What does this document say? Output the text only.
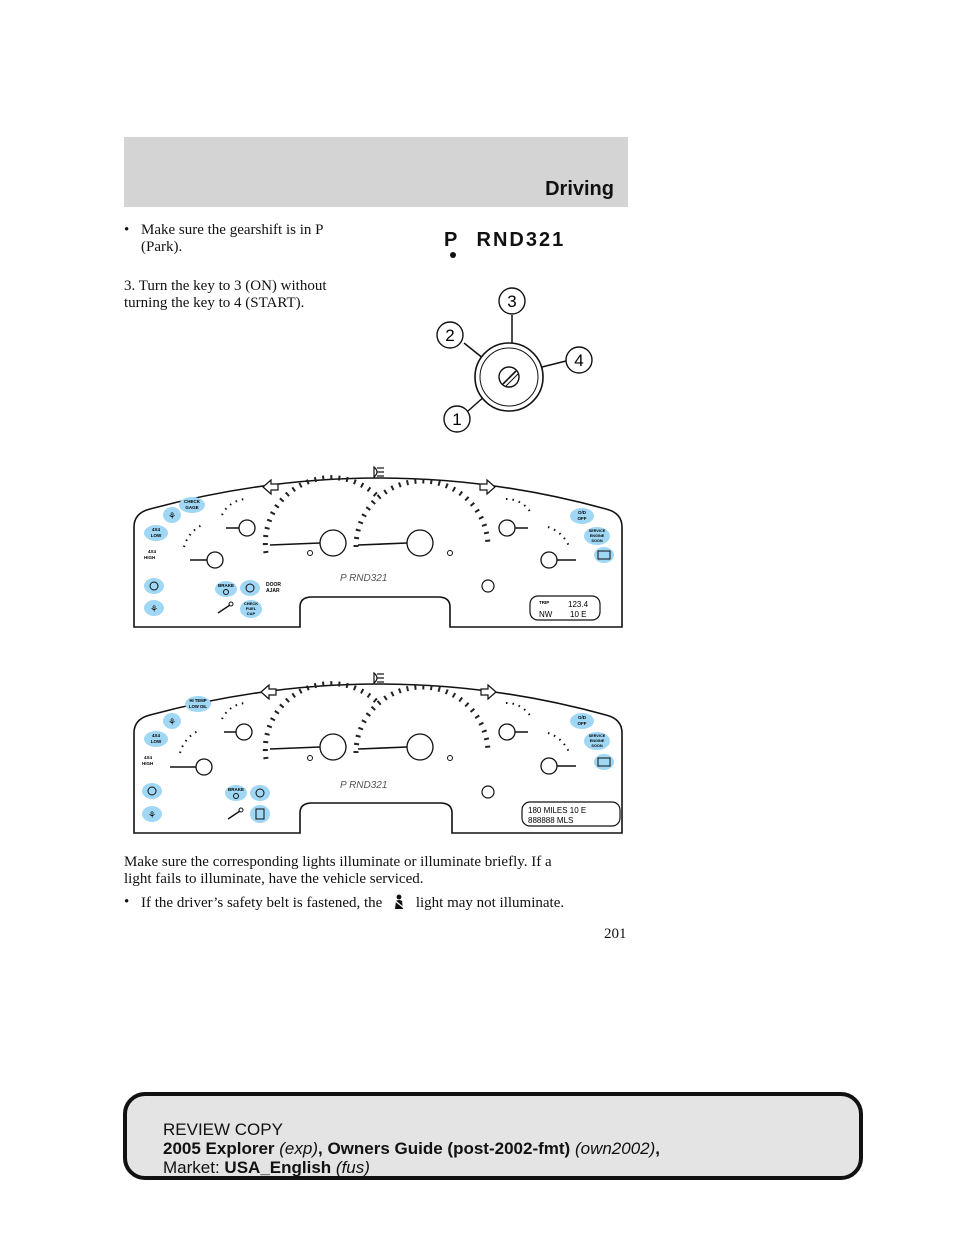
Driving
• Make sure the gearshift is in P
(Park).	P RND321
3. Turn the key to 3 (ON) without
turning the key to 4 (START).	3
2
4
1
CHECK
GAGE
⚘
4X4
LOW
4X4
HIGH
⚘
BRAKE	DOOR
AJAR
CHECK
FUEL
CAP
O/D
OFF
SERVICE
ENGINE
SOON
P RND321
TRIP 123.4
NW 10 E
HI TEMP
LOW OIL
⚘
4X4
LOW
4X4
HIGH
⚘
BRAKE
O/D
OFF
SERVICE
ENGINE
SOON
P RND321
180 MILES 10 E
888888 MLS
Make sure the corresponding lights illuminate or illuminate briefly. If a
light fails to illuminate, have the vehicle serviced.
• If the driver’s safety belt is fastened, the light may not illuminate.
201
REVIEW COPY
2005 Explorer (exp), Owners Guide (post-2002-fmt) (own2002),
Market: USA_English (fus)
